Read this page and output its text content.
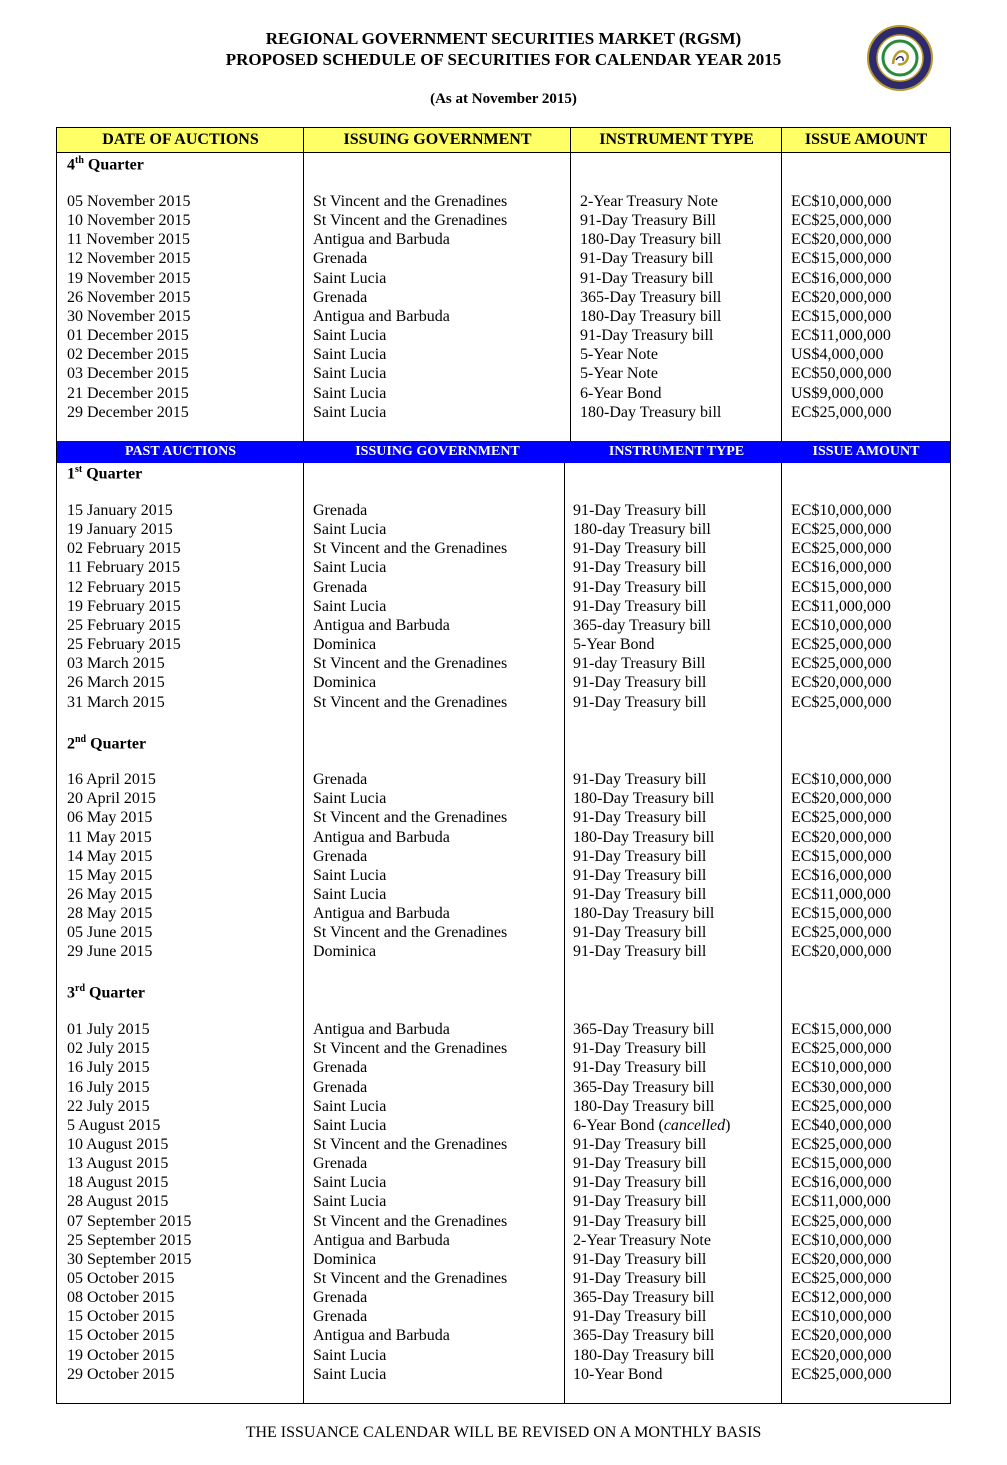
REGIONAL GOVERNMENT SECURITIES MARKET (RGSM)
PROPOSED SCHEDULE OF SECURITIES FOR CALENDAR YEAR 2015
(As at November 2015)
DATE OF AUCTIONS	ISSUING GOVERNMENT	INSTRUMENT TYPE	ISSUE AMOUNT
PAST AUCTIONS	ISSUING GOVERNMENT	INSTRUMENT TYPE	ISSUE AMOUNT
4th Quarter
05 November 2015	St Vincent and the Grenadines	2-Year Treasury Note	EC$10,000,000
10 November 2015	St Vincent and the Grenadines	91-Day Treasury Bill	EC$25,000,000
11 November 2015	Antigua and Barbuda	180-Day Treasury bill	EC$20,000,000
12 November 2015	Grenada	91-Day Treasury bill	EC$15,000,000
19 November 2015	Saint Lucia	91-Day Treasury bill	EC$16,000,000
26 November 2015	Grenada	365-Day Treasury bill	EC$20,000,000
30 November 2015	Antigua and Barbuda	180-Day Treasury bill	EC$15,000,000
01 December 2015	Saint Lucia	91-Day Treasury bill	EC$11,000,000
02 December 2015	Saint Lucia	5-Year Note	US$4,000,000
03 December 2015	Saint Lucia	5-Year Note	EC$50,000,000
21 December 2015	Saint Lucia	6-Year Bond	US$9,000,000
29 December 2015	Saint Lucia	180-Day Treasury bill	EC$25,000,000
1st Quarter
2nd Quarter
3rd Quarter
15 January 2015	Grenada	91-Day Treasury bill	EC$10,000,000
19 January 2015	Saint Lucia	180-day Treasury bill	EC$25,000,000
02 February 2015	St Vincent and the Grenadines	91-Day Treasury bill	EC$25,000,000
11 February 2015	Saint Lucia	91-Day Treasury bill	EC$16,000,000
12 February 2015	Grenada	91-Day Treasury bill	EC$15,000,000
19 February 2015	Saint Lucia	91-Day Treasury bill	EC$11,000,000
25 February 2015	Antigua and Barbuda	365-day Treasury bill	EC$10,000,000
25 February 2015	Dominica	5-Year Bond	EC$25,000,000
03 March 2015	St Vincent and the Grenadines	91-day Treasury Bill	EC$25,000,000
26 March 2015	Dominica	91-Day Treasury bill	EC$20,000,000
31 March 2015	St Vincent and the Grenadines	91-Day Treasury bill	EC$25,000,000
16 April 2015	Grenada	91-Day Treasury bill	EC$10,000,000
20 April 2015	Saint Lucia	180-Day Treasury bill	EC$20,000,000
06 May 2015	St Vincent and the Grenadines	91-Day Treasury bill	EC$25,000,000
11 May 2015	Antigua and Barbuda	180-Day Treasury bill	EC$20,000,000
14 May 2015	Grenada	91-Day Treasury bill	EC$15,000,000
15 May 2015	Saint Lucia	91-Day Treasury bill	EC$16,000,000
26 May 2015	Saint Lucia	91-Day Treasury bill	EC$11,000,000
28 May 2015	Antigua and Barbuda	180-Day Treasury bill	EC$15,000,000
05 June 2015	St Vincent and the Grenadines	91-Day Treasury bill	EC$25,000,000
29 June 2015	Dominica	91-Day Treasury bill	EC$20,000,000
01 July 2015	Antigua and Barbuda	365-Day Treasury bill	EC$15,000,000
02 July 2015	St Vincent and the Grenadines	91-Day Treasury bill	EC$25,000,000
16 July 2015	Grenada	91-Day Treasury bill	EC$10,000,000
16 July 2015	Grenada	365-Day Treasury bill	EC$30,000,000
22 July 2015	Saint Lucia	180-Day Treasury bill	EC$25,000,000
5 August 2015	Saint Lucia	6-Year Bond (cancelled)	EC$40,000,000
10 August 2015	St Vincent and the Grenadines	91-Day Treasury bill	EC$25,000,000
13 August 2015	Grenada	91-Day Treasury bill	EC$15,000,000
18 August 2015	Saint Lucia	91-Day Treasury bill	EC$16,000,000
28 August 2015	Saint Lucia	91-Day Treasury bill	EC$11,000,000
07 September 2015	St Vincent and the Grenadines	91-Day Treasury bill	EC$25,000,000
25 September 2015	Antigua and Barbuda	2-Year Treasury Note	EC$10,000,000
30 September 2015	Dominica	91-Day Treasury bill	EC$20,000,000
05 October 2015	St Vincent and the Grenadines	91-Day Treasury bill	EC$25,000,000
08 October 2015	Grenada	365-Day Treasury bill	EC$12,000,000
15 October 2015	Grenada	91-Day Treasury bill	EC$10,000,000
15 October 2015	Antigua and Barbuda	365-Day Treasury bill	EC$20,000,000
19 October 2015	Saint Lucia	180-Day Treasury bill	EC$20,000,000
29 October 2015	Saint Lucia	10-Year Bond	EC$25,000,000
THE ISSUANCE CALENDAR WILL BE REVISED ON A MONTHLY BASIS
